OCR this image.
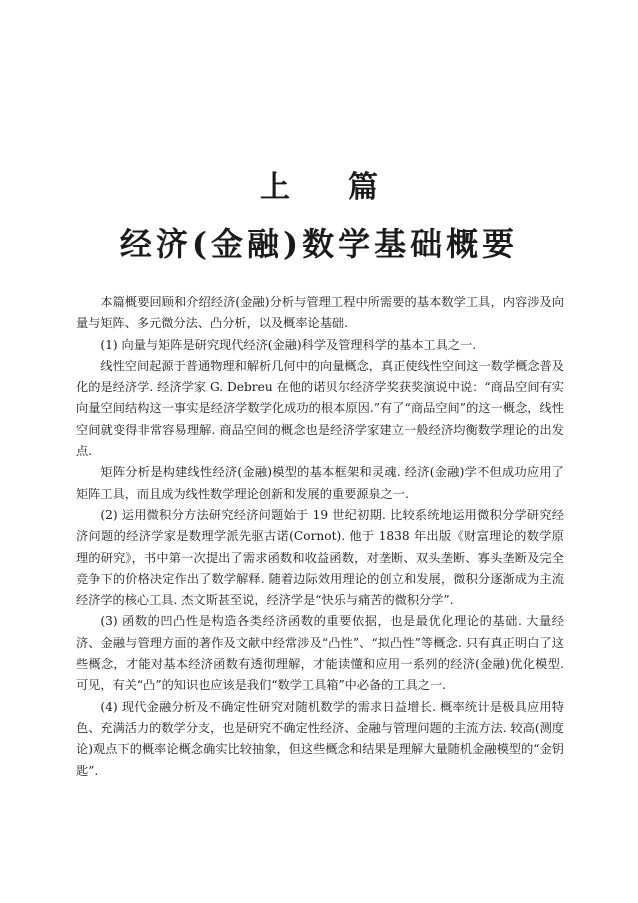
上篇
经济(金融)数学基础概要

本篇概要回顾和介绍经济(金融)分析与管理工程中所需要的基本数学工具，内容涉及向量与矩阵、多元微分法、凸分析，以及概率论基础.

(1) 向量与矩阵是研究现代经济(金融)科学及管理科学的基本工具之一.

线性空间起源于普通物理和解析几何中的向量概念，真正使线性空间这一数学概念普及化的是经济学. 经济学家 G. Debreu 在他的诺贝尔经济学奖获奖演说中说：“商品空间有实向量空间结构这一事实是经济学数学化成功的根本原因.”有了“商品空间”的这一概念，线性空间就变得非常容易理解. 商品空间的概念也是经济学家建立一般经济均衡数学理论的出发点.

矩阵分析是构建线性经济(金融)模型的基本框架和灵魂. 经济(金融)学不但成功应用了矩阵工具，而且成为线性数学理论创新和发展的重要源泉之一.

(2) 运用微积分方法研究经济问题始于 19 世纪初期. 比较系统地运用微积分学研究经济问题的经济学家是数理学派先驱古诺(Cornot). 他于 1838 年出版《财富理论的数学原理的研究》，书中第一次提出了需求函数和收益函数，对垄断、双头垄断、寡头垄断及完全竞争下的价格决定作出了数学解释. 随着边际效用理论的创立和发展，微积分逐渐成为主流经济学的核心工具. 杰文斯甚至说，经济学是“快乐与痛苦的微积分学”.

(3) 函数的凹凸性是构造各类经济函数的重要依据，也是最优化理论的基础. 大量经济、金融与管理方面的著作及文献中经常涉及“凸性”、“拟凸性”等概念. 只有真正明白了这些概念，才能对基本经济函数有透彻理解，才能读懂和应用一系列的经济(金融)优化模型. 可见，有关“凸”的知识也应该是我们“数学工具箱”中必备的工具之一.

(4) 现代金融分析及不确定性研究对随机数学的需求日益增长. 概率统计是极具应用特色、充满活力的数学分支，也是研究不确定性经济、金融与管理问题的主流方法. 较高(测度论)观点下的概率论概念确实比较抽象，但这些概念和结果是理解大量随机金融模型的“金钥匙”.
